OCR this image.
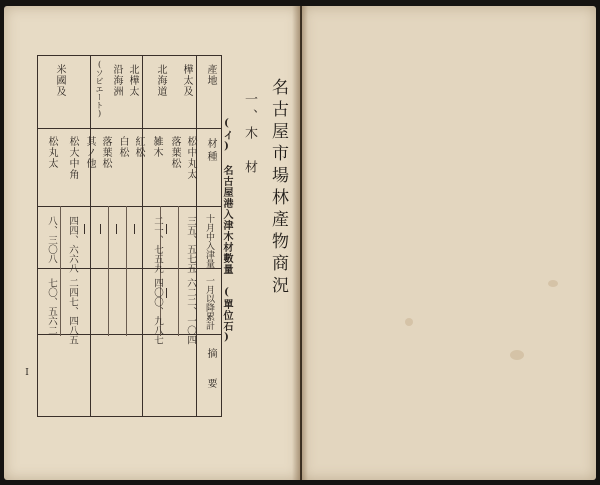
名古屋市場林產物商況
一、木　材
(イ) 名古屋港入津木材數量 (單位石)
I
產地
材種
十月中入津量
一月以降累計
摘要
樺太及
北海道
北樺太
沿海洲
(ソビエート)
米國及
松中丸太
落葉松
雑木
紅松
白松
落葉松
其ノ他
松大中角
松丸太
三五、五七五
二一、七五九
四四、六六八
八、三〇八
六二二、一〇四
四〇〇、九八七
二四七、四八五
七〇、五六二
